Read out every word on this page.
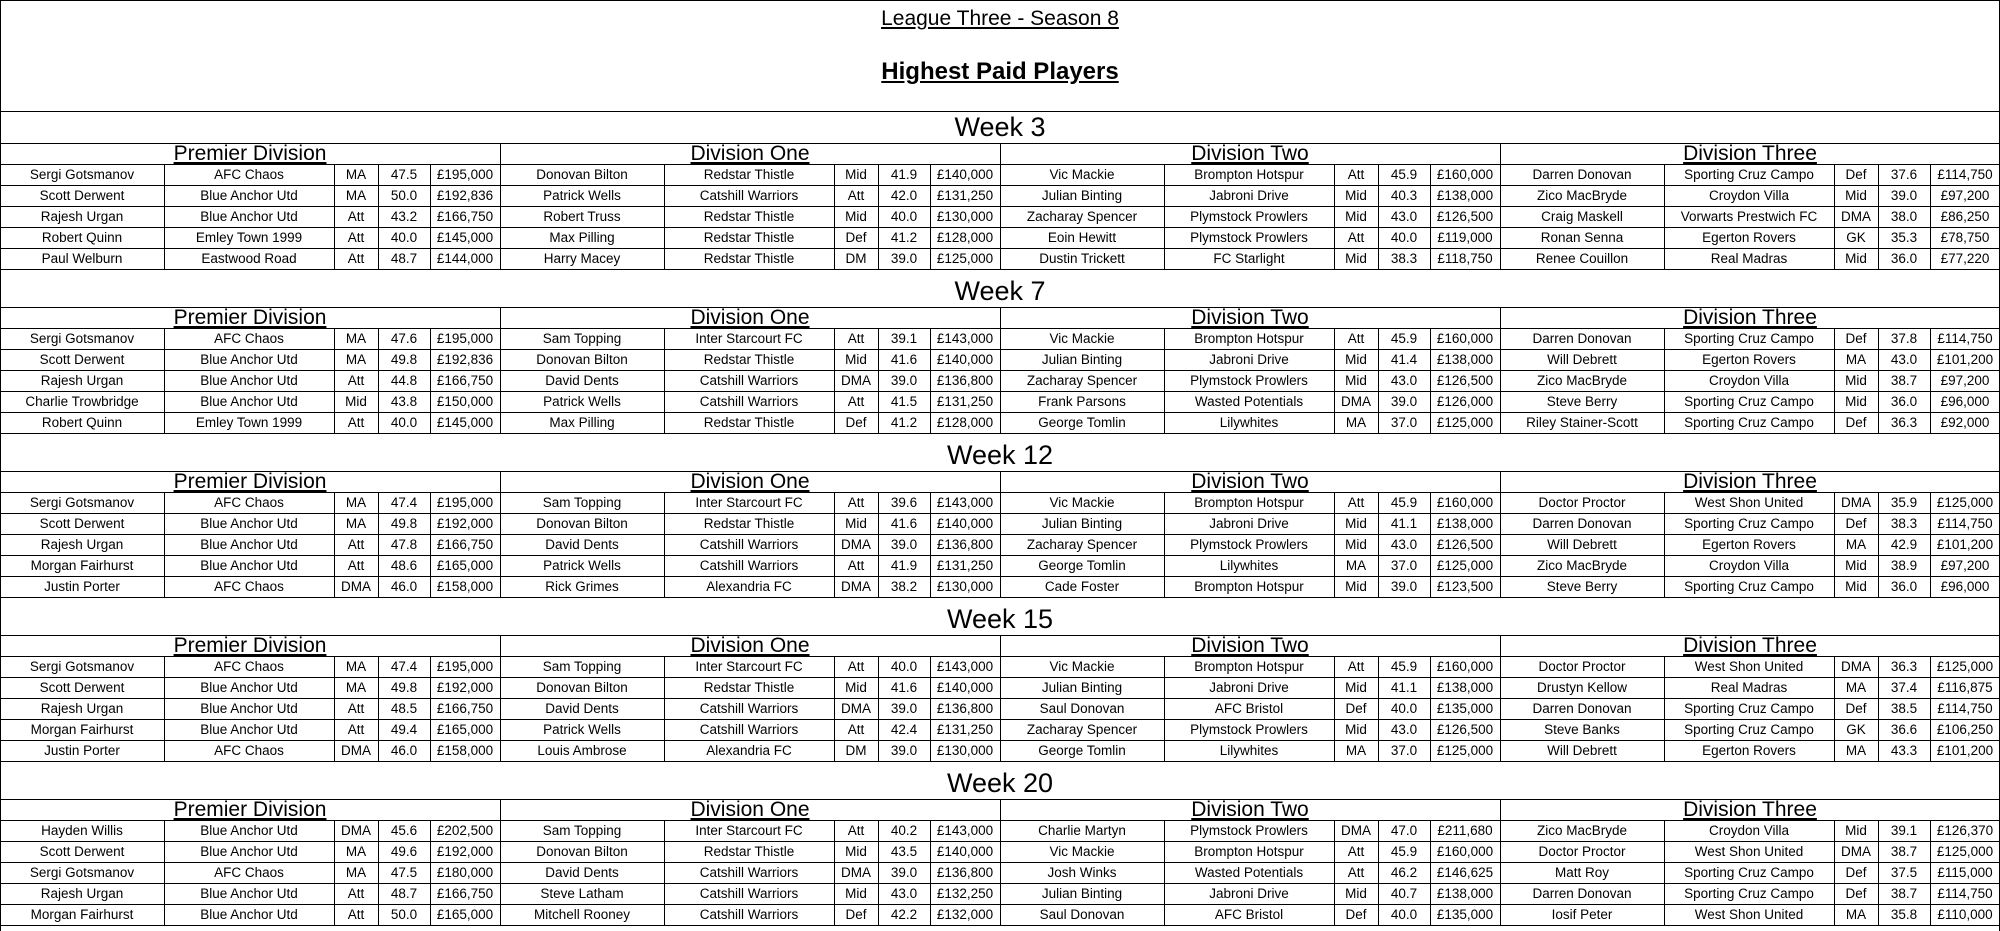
League Three - Season 8
Highest Paid Players
Week 3
Premier Division	Division One	Division Two	Division Three
Sergi Gotsmanov	AFC Chaos	MA	47.5	£195,000	Donovan Bilton	Redstar Thistle	Mid	41.9	£140,000	Vic Mackie	Brompton Hotspur	Att	45.9	£160,000	Darren Donovan	Sporting Cruz Campo	Def	37.6	£114,750
Scott Derwent	Blue Anchor Utd	MA	50.0	£192,836	Patrick Wells	Catshill Warriors	Att	42.0	£131,250	Julian Binting	Jabroni Drive	Mid	40.3	£138,000	Zico MacBryde	Croydon Villa	Mid	39.0	£97,200
Rajesh Urgan	Blue Anchor Utd	Att	43.2	£166,750	Robert Truss	Redstar Thistle	Mid	40.0	£130,000	Zacharay Spencer	Plymstock Prowlers	Mid	43.0	£126,500	Craig Maskell	Vorwarts Prestwich FC	DMA	38.0	£86,250
Robert Quinn	Emley Town 1999	Att	40.0	£145,000	Max Pilling	Redstar Thistle	Def	41.2	£128,000	Eoin Hewitt	Plymstock Prowlers	Att	40.0	£119,000	Ronan Senna	Egerton Rovers	GK	35.3	£78,750
Paul Welburn	Eastwood Road	Att	48.7	£144,000	Harry Macey	Redstar Thistle	DM	39.0	£125,000	Dustin Trickett	FC Starlight	Mid	38.3	£118,750	Renee Couillon	Real Madras	Mid	36.0	£77,220
Week 7
Premier Division	Division One	Division Two	Division Three
Sergi Gotsmanov	AFC Chaos	MA	47.6	£195,000	Sam Topping	Inter Starcourt FC	Att	39.1	£143,000	Vic Mackie	Brompton Hotspur	Att	45.9	£160,000	Darren Donovan	Sporting Cruz Campo	Def	37.8	£114,750
Scott Derwent	Blue Anchor Utd	MA	49.8	£192,836	Donovan Bilton	Redstar Thistle	Mid	41.6	£140,000	Julian Binting	Jabroni Drive	Mid	41.4	£138,000	Will Debrett	Egerton Rovers	MA	43.0	£101,200
Rajesh Urgan	Blue Anchor Utd	Att	44.8	£166,750	David Dents	Catshill Warriors	DMA	39.0	£136,800	Zacharay Spencer	Plymstock Prowlers	Mid	43.0	£126,500	Zico MacBryde	Croydon Villa	Mid	38.7	£97,200
Charlie Trowbridge	Blue Anchor Utd	Mid	43.8	£150,000	Patrick Wells	Catshill Warriors	Att	41.5	£131,250	Frank Parsons	Wasted Potentials	DMA	39.0	£126,000	Steve Berry	Sporting Cruz Campo	Mid	36.0	£96,000
Robert Quinn	Emley Town 1999	Att	40.0	£145,000	Max Pilling	Redstar Thistle	Def	41.2	£128,000	George Tomlin	Lilywhites	MA	37.0	£125,000	Riley Stainer-Scott	Sporting Cruz Campo	Def	36.3	£92,000
Week 12
Premier Division	Division One	Division Two	Division Three
Sergi Gotsmanov	AFC Chaos	MA	47.4	£195,000	Sam Topping	Inter Starcourt FC	Att	39.6	£143,000	Vic Mackie	Brompton Hotspur	Att	45.9	£160,000	Doctor Proctor	West Shon United	DMA	35.9	£125,000
Scott Derwent	Blue Anchor Utd	MA	49.8	£192,000	Donovan Bilton	Redstar Thistle	Mid	41.6	£140,000	Julian Binting	Jabroni Drive	Mid	41.1	£138,000	Darren Donovan	Sporting Cruz Campo	Def	38.3	£114,750
Rajesh Urgan	Blue Anchor Utd	Att	47.8	£166,750	David Dents	Catshill Warriors	DMA	39.0	£136,800	Zacharay Spencer	Plymstock Prowlers	Mid	43.0	£126,500	Will Debrett	Egerton Rovers	MA	42.9	£101,200
Morgan Fairhurst	Blue Anchor Utd	Att	48.6	£165,000	Patrick Wells	Catshill Warriors	Att	41.9	£131,250	George Tomlin	Lilywhites	MA	37.0	£125,000	Zico MacBryde	Croydon Villa	Mid	38.9	£97,200
Justin Porter	AFC Chaos	DMA	46.0	£158,000	Rick Grimes	Alexandria FC	DMA	38.2	£130,000	Cade Foster	Brompton Hotspur	Mid	39.0	£123,500	Steve Berry	Sporting Cruz Campo	Mid	36.0	£96,000
Week 15
Premier Division	Division One	Division Two	Division Three
Sergi Gotsmanov	AFC Chaos	MA	47.4	£195,000	Sam Topping	Inter Starcourt FC	Att	40.0	£143,000	Vic Mackie	Brompton Hotspur	Att	45.9	£160,000	Doctor Proctor	West Shon United	DMA	36.3	£125,000
Scott Derwent	Blue Anchor Utd	MA	49.8	£192,000	Donovan Bilton	Redstar Thistle	Mid	41.6	£140,000	Julian Binting	Jabroni Drive	Mid	41.1	£138,000	Drustyn Kellow	Real Madras	MA	37.4	£116,875
Rajesh Urgan	Blue Anchor Utd	Att	48.5	£166,750	David Dents	Catshill Warriors	DMA	39.0	£136,800	Saul Donovan	AFC Bristol	Def	40.0	£135,000	Darren Donovan	Sporting Cruz Campo	Def	38.5	£114,750
Morgan Fairhurst	Blue Anchor Utd	Att	49.4	£165,000	Patrick Wells	Catshill Warriors	Att	42.4	£131,250	Zacharay Spencer	Plymstock Prowlers	Mid	43.0	£126,500	Steve Banks	Sporting Cruz Campo	GK	36.6	£106,250
Justin Porter	AFC Chaos	DMA	46.0	£158,000	Louis Ambrose	Alexandria FC	DM	39.0	£130,000	George Tomlin	Lilywhites	MA	37.0	£125,000	Will Debrett	Egerton Rovers	MA	43.3	£101,200
Week 20
Premier Division	Division One	Division Two	Division Three
Hayden Willis	Blue Anchor Utd	DMA	45.6	£202,500	Sam Topping	Inter Starcourt FC	Att	40.2	£143,000	Charlie Martyn	Plymstock Prowlers	DMA	47.0	£211,680	Zico MacBryde	Croydon Villa	Mid	39.1	£126,370
Scott Derwent	Blue Anchor Utd	MA	49.6	£192,000	Donovan Bilton	Redstar Thistle	Mid	43.5	£140,000	Vic Mackie	Brompton Hotspur	Att	45.9	£160,000	Doctor Proctor	West Shon United	DMA	38.7	£125,000
Sergi Gotsmanov	AFC Chaos	MA	47.5	£180,000	David Dents	Catshill Warriors	DMA	39.0	£136,800	Josh Winks	Wasted Potentials	Att	46.2	£146,625	Matt Roy	Sporting Cruz Campo	Def	37.5	£115,000
Rajesh Urgan	Blue Anchor Utd	Att	48.7	£166,750	Steve Latham	Catshill Warriors	Mid	43.0	£132,250	Julian Binting	Jabroni Drive	Mid	40.7	£138,000	Darren Donovan	Sporting Cruz Campo	Def	38.7	£114,750
Morgan Fairhurst	Blue Anchor Utd	Att	50.0	£165,000	Mitchell Rooney	Catshill Warriors	Def	42.2	£132,000	Saul Donovan	AFC Bristol	Def	40.0	£135,000	Iosif Peter	West Shon United	MA	35.8	£110,000
